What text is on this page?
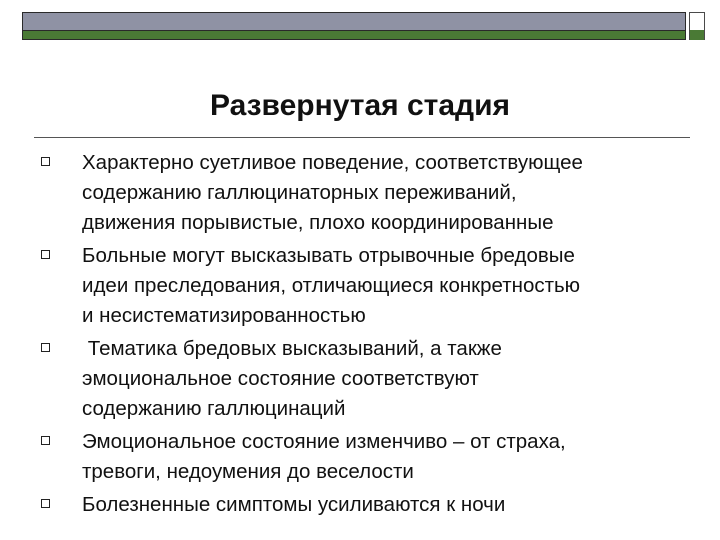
Развернутая стадия
Характерно суетливое поведение, соответствующее
содержанию галлюцинаторных переживаний,
движения порывистые, плохо координированные
Больные могут высказывать отрывочные бредовые
идеи преследования, отличающиеся конкретностью
и несистематизированностью
Тематика бредовых высказываний, а также
эмоциональное состояние соответствуют
содержанию галлюцинаций
Эмоциональное состояние изменчиво – от страха,
тревоги, недоумения до веселости
Болезненные симптомы усиливаются к ночи
